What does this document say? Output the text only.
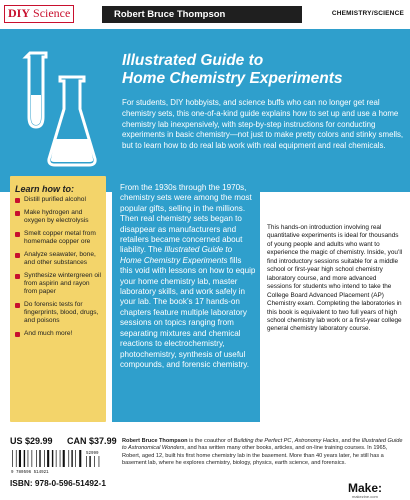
DIY Science	Robert Bruce Thompson	CHEMISTRY/SCIENCE
Illustrated Guide to
Home Chemistry Experiments

For students, DIY hobbyists, and science buffs who can no longer get real chemistry sets, this one-of-a-kind guide explains how to set up and use a home chemistry lab inexpensively, with step-by-step instructions for conducting experiments in basic chemistry—not just to make pretty colors and stinky smells, but to learn how to do real lab work with real equipment and real chemicals.

Learn how to:
Distill purified alcohol
Make hydrogen and oxygen by electrolysis
Smelt copper metal from homemade copper ore
Analyze seawater, bone, and other substances
Synthesize wintergreen oil from aspirin and rayon from paper
Do forensic tests for fingerprints, blood, drugs, and poisons
And much more!

From the 1930s through the 1970s, chemistry sets were among the most popular gifts, selling in the millions. Then real chemistry sets began to disappear as manufacturers and retailers became concerned about liability. The Illustrated Guide to Home Chemistry Experiments fills this void with lessons on how to equip your home chemistry lab, master laboratory skills, and work safely in your lab. The book’s 17 hands-on chapters feature multiple laboratory sessions on topics ranging from separating mixtures and chemical reactions to electrochemistry, photochemistry, synthesis of useful compounds, and forensic chemistry.

This hands-on introduction involving real quantitative experiments is ideal for thousands of young people and adults who want to experience the magic of chemistry. Inside, you’ll find introductory sessions suitable for a middle school or first-year high school chemistry laboratory course, and more advanced sessions for students who intend to take the College Board Advanced Placement (AP) Chemistry exam. Completing the laboratories in this book is equivalent to two full years of high school chemistry lab work or a first-year college general chemistry laboratory course.

US $29.99 CAN $37.99
9 780596 514921
52999
ISBN: 978-0-596-51492-1

Robert Bruce Thompson is the coauthor of Building the Perfect PC, Astronomy Hacks, and the Illustrated Guide to Astronomical Wonders, and has written many other books, articles, and on-line training courses. In 1965, Robert, aged 12, built his first home chemistry lab in the basement. More than 40 years later, he still has a basement lab, where he explores chemistry, biology, physics, earth science, and forensics.

Make:
makezine.com
